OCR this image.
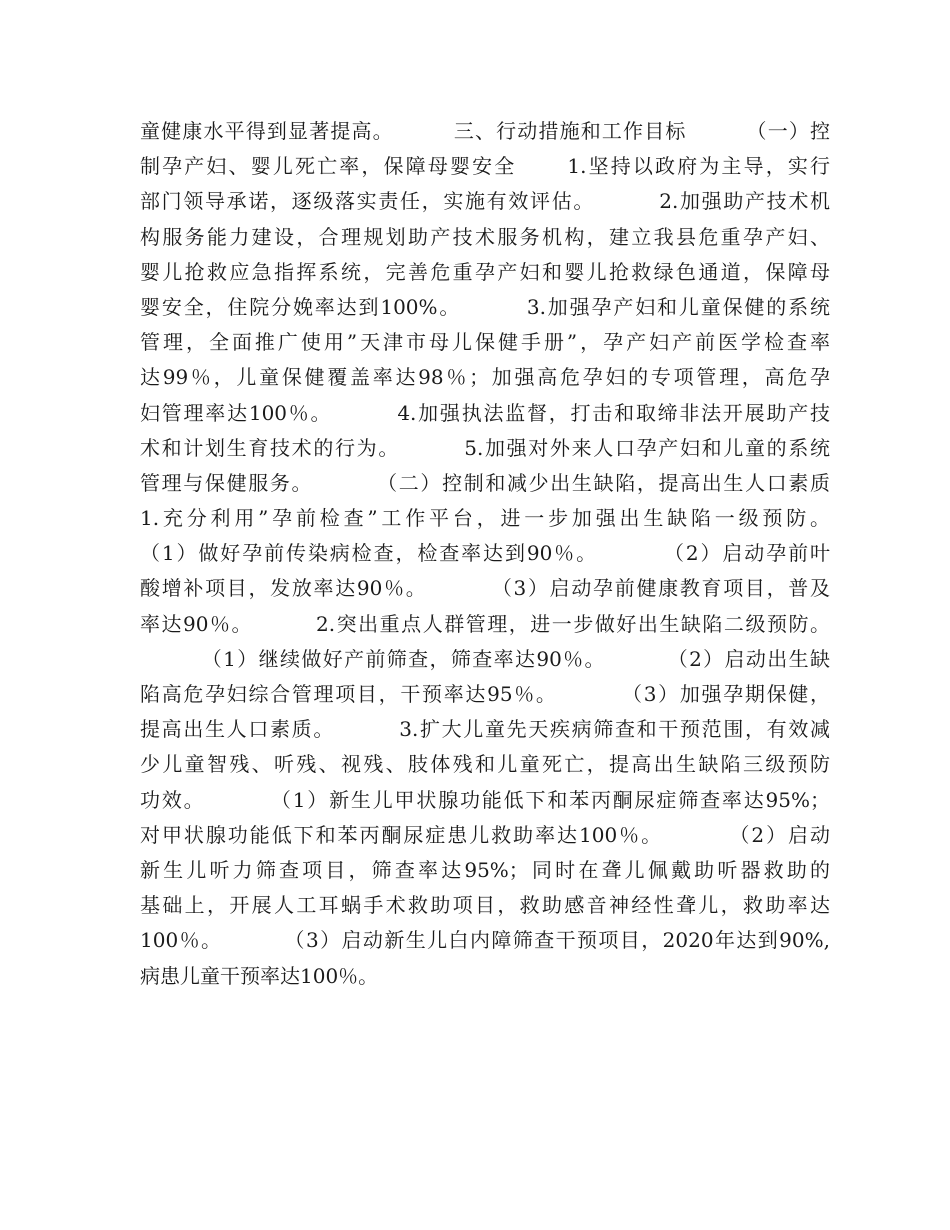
童健康水平得到显著提高。        三、行动措施和工作目标        （一）控
制孕产妇、婴儿死亡率，保障母婴安全      1.坚持以政府为主导，实行
部门领导承诺，逐级落实责任，实施有效评估。        2.加强助产技术机
构服务能力建设，合理规划助产技术服务机构，建立我县危重孕产妇、
婴儿抢救应急指挥系统，完善危重孕产妇和婴儿抢救绿色通道，保障母
婴安全，住院分娩率达到100%。        3.加强孕产妇和儿童保健的系统
管理，全面推广使用”天津市母儿保健手册”，孕产妇产前医学检查率
达99％，儿童保健覆盖率达98％；加强高危孕妇的专项管理，高危孕
妇管理率达100％。        4.加强执法监督，打击和取缔非法开展助产技
术和计划生育技术的行为。        5.加强对外来人口孕产妇和儿童的系统
管理与保健服务。        （二）控制和减少出生缺陷，提高出生人口素质
1.充分利用”孕前检查”工作平台，进一步加强出生缺陷一级预防。
（1）做好孕前传染病检查，检查率达到90％。        （2）启动孕前叶
酸增补项目，发放率达90％。        （3）启动孕前健康教育项目，普及
率达90％。        2.突出重点人群管理，进一步做好出生缺陷二级预防。
（1）继续做好产前筛查，筛查率达90％。        （2）启动出生缺
陷高危孕妇综合管理项目，干预率达95％。        （3）加强孕期保健，
提高出生人口素质。        3.扩大儿童先天疾病筛查和干预范围，有效减
少儿童智残、听残、视残、肢体残和儿童死亡，提高出生缺陷三级预防
功效。        （1）新生儿甲状腺功能低下和苯丙酮尿症筛查率达95%；
对甲状腺功能低下和苯丙酮尿症患儿救助率达100％。        （2）启动
新生儿听力筛查项目，筛查率达95%；同时在聋儿佩戴助听器救助的
基础上，开展人工耳蜗手术救助项目，救助感音神经性聋儿，救助率达
100％。        （3）启动新生儿白内障筛查干预项目，2020年达到90%,
病患儿童干预率达100％。
